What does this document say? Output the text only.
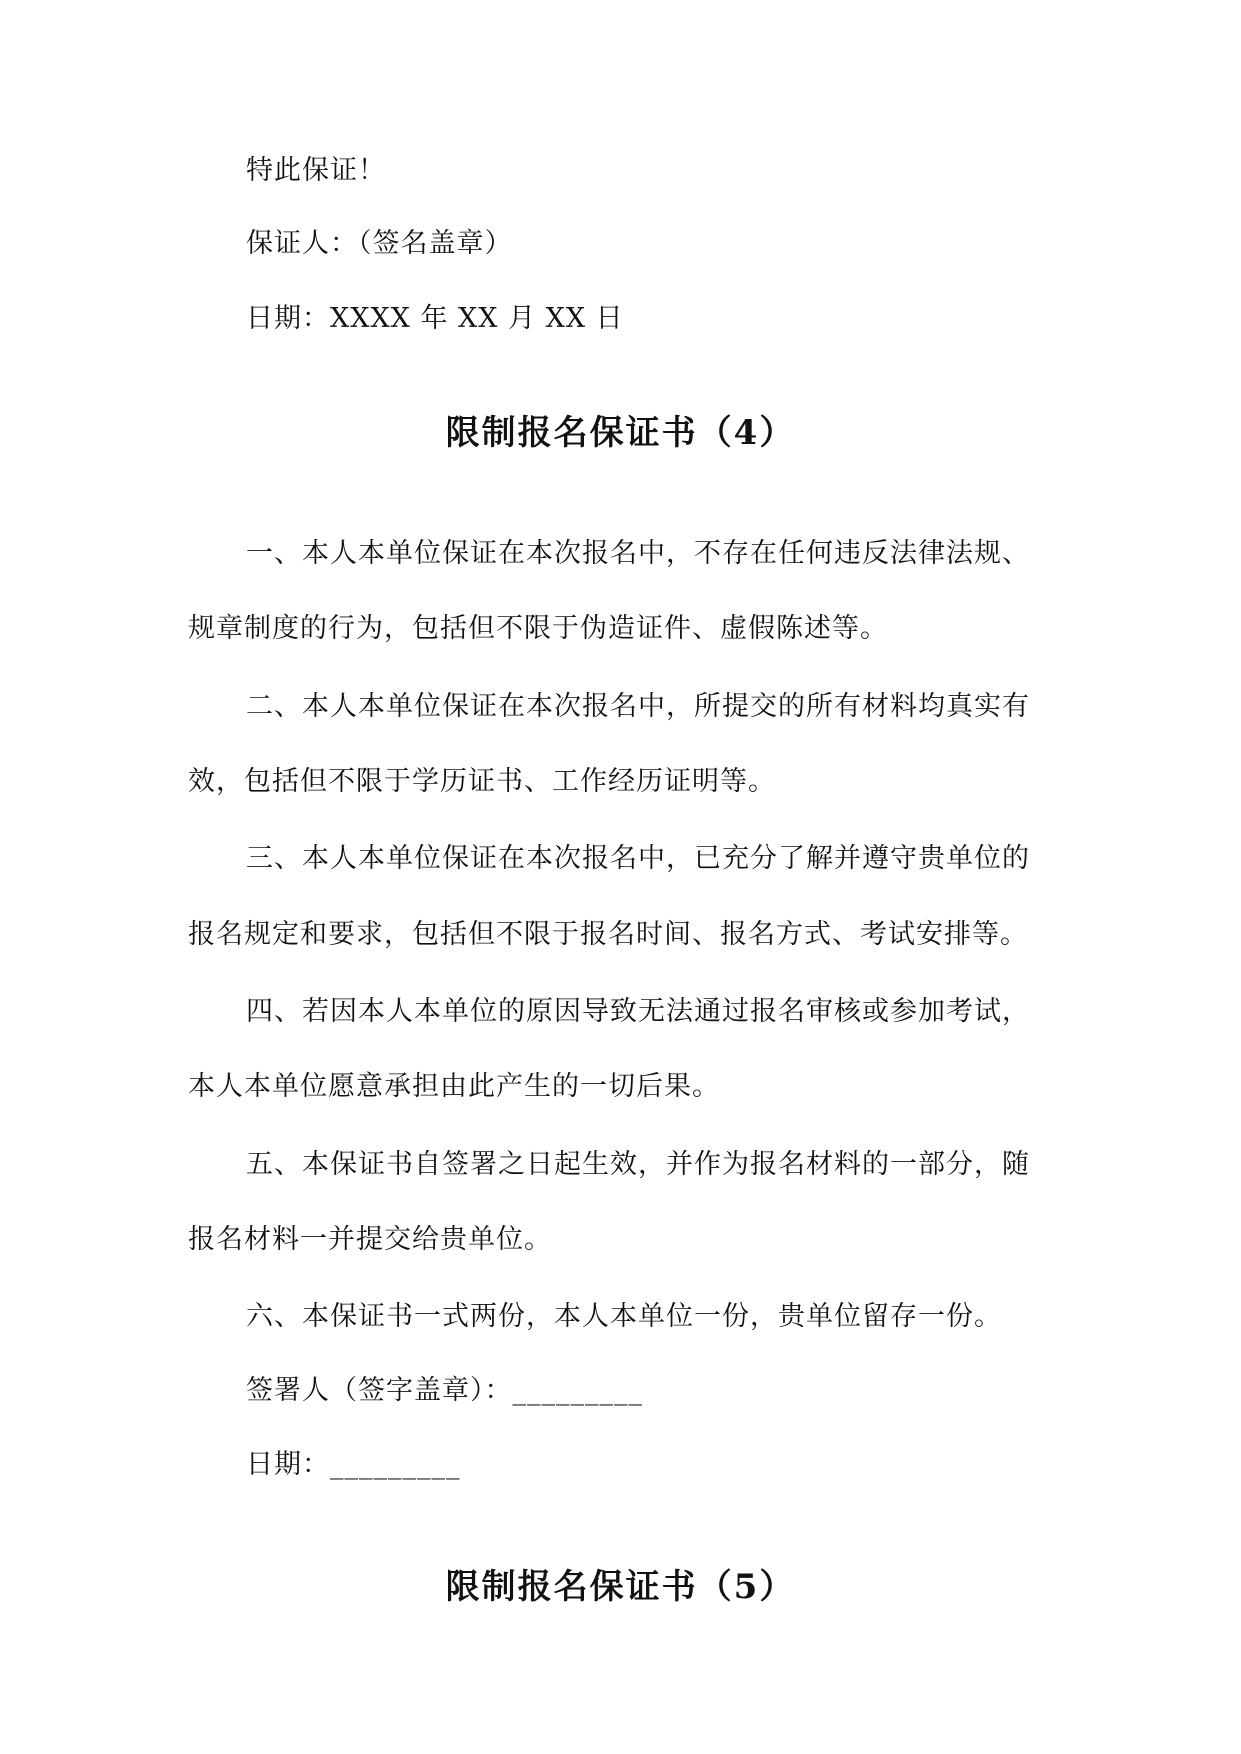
特此保证！
保证人：（签名盖章）
日期：XXXX 年 XX 月 XX 日
限制报名保证书（4）
一、本人本单位保证在本次报名中，不存在任何违反法律法规、
规章制度的行为，包括但不限于伪造证件、虚假陈述等。
二、本人本单位保证在本次报名中，所提交的所有材料均真实有
效，包括但不限于学历证书、工作经历证明等。
三、本人本单位保证在本次报名中，已充分了解并遵守贵单位的
报名规定和要求，包括但不限于报名时间、报名方式、考试安排等。
四、若因本人本单位的原因导致无法通过报名审核或参加考试，
本人本单位愿意承担由此产生的一切后果。
五、本保证书自签署之日起生效，并作为报名材料的一部分，随
报名材料一并提交给贵单位。
六、本保证书一式两份，本人本单位一份，贵单位留存一份。
签署人（签字盖章）：_________
日期：_________
限制报名保证书（5）
